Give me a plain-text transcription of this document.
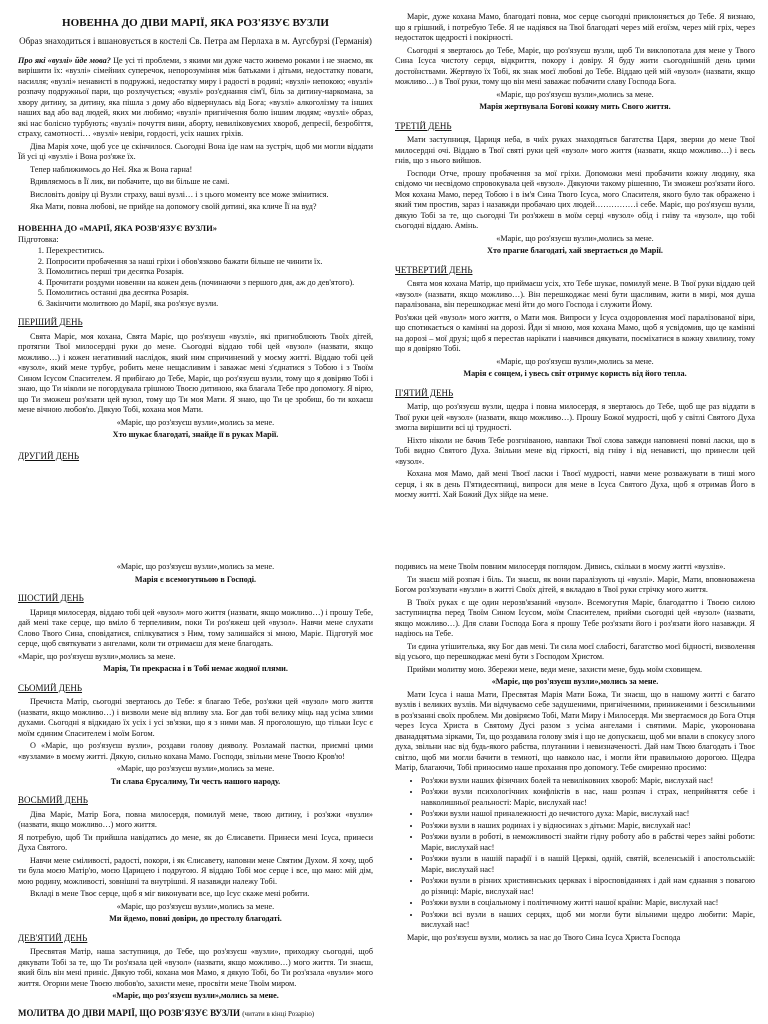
НОВЕННА ДО ДІВИ МАРІЇ, ЯКА РОЗ'ЯЗУЄ ВУЗЛИ
Образ знаходиться і вшановується в костелі Св. Петра ам Перлаха в м. Аугсбурзі (Германія)

Про які «вузлі» йде мова? Це усі ті проблеми, з якими ми дуже часто живемо роками і не знаємо, як вирішити їх: «вузлі» сімейних суперечок, непорозуміння між батьками і дітьми, недостатку поваги, насилля; «вузлі» ненависті в подружжі, недостатку миру і радості в родині; «вузлі» непокою; «вузлі» розпачу подружньої пари, що розлучується; «вузлі» роз'єднання сім'ї, біль за дитину-наркомана, за хвору дитину, за дитину, яка пішла з дому або відвернулась від Бога; «вузлі» алкоголізму та інших наших вад або вад людей, яких ми любимо; «вузлі» пригнічення болю іншим людям; «вузлі» образ, які нас болісно турбують; «вузлі» почуття вини, аборту, невиліковуємих хвороб, депресії, безробіття, страху, самотності… «вузлі» невіри, гордості, усіх наших гріхів.

Діва Марія хоче, щоб усе це скінчилося. Сьогодні Вона іде нам на зустріч, щоб ми могли віддати Їй усі ці «вузлі» і Вона роз'яже їх.

Тепер наближимось до Неї. Яка ж Вона гарна!

Вдивляємось в Її лик, ви побачите, що ви більше не самі.

Висловіть довіру ці Вузли страху, ваші вузлі… і з цього моменту все може змінитися.

Яка Мати, повна любові, не прийде на допомогу своїй дитині, яка кличе Її на вуд?

НОВЕННА ДО «МАРІЇ, ЯКА РОЗВ'ЯЗУЄ ВУЗЛИ»
Підготовка:
1. Перехреститись.
2. Попросити пробачення за наші гріхи і обов'язково бажати більше не чинити їх.
3. Помолитись перші три десятка Розарія.
4. Прочитати роздуми новенни на кожен день (починаючи з першого дня, аж до дев'ятого).
5. Помолитись останні два десятка Розарія.
6. Закінчити молитвою до Марії, яка роз'язує вузли.
ПЕРШИЙ ДЕНЬ

Свята Маріє, моя кохана, Свята Маріє, що роз'язуєш «вузлі», які пригноблюють Твоїх дітей, протягни Твої милосердні руки до мене. Сьогодні віддаю тобі цей «вузол» (назвати, якщо можливо…) і кожен негативний наслідок, який ним спричинений у моєму житті. Віддаю тобі цей «вузол», який мене турбує, робить мене нещасливим і заважає мені з'єднатися з Тобою і з Твоїм Сином Ісусом Спасителем. Я прибігаю до Тебе, Маріє, що роз'язуєш вузли, тому що я довіряю Тобі і знаю, що Ти ніколи не погордувала грішною Твоєю дитиною, яка благала Тебе про допомогу. Я вірю, що Ти зможеш роз'язати цей вузол, тому що Ти моя Мати. Я знаю, що Ти це зробиш, бо ти кохаєш мене вічною любов'ю. Дякую Тобі, кохана моя Мати.

«Маріє, що роз'язуєш вузли»,молись за мене.

Хто шукає благодаті, знайде її в руках Марії.

ДРУГИЙ ДЕНЬ

Маріє, дуже кохана Мамо, благодаті повна, моє серце сьогодні приклоняється до Тебе. Я визнаю, що я грішний, і потребую Тебе. Я не надіявся на Твої благодаті через мій егоїзм, через мій гріх, через недостаток щедрості і покірності.

Сьогодні я звертаюсь до Тебе, Маріє, що роз'язуєш вузли, щоб Ти виклопотала для мене у Твого Сина Ісуса чистоту серця, відкриття, покору і довіру. Я буду жити сьогоднішній день цими достоїнствами. Жертвую їх Тобі, як знак моєї любові до Тебе. Віддаю цей мій «вузол» (назвати, якщо можливо…) в Твої руки, тому що він мені заважає побачити славу Господа Бога.

«Маріє, що роз'язуєш вузли»,молись за мене.

Марія жертвувала Богові кожну мить Свого життя.

ТРЕТІЙ ДЕНЬ

Мати заступниця, Цариця неба, в чиїх руках знаходяться багатства Царя, зверни до мене Твої милосердні очі. Віддаю в Твої святі руки цей «вузол» мого життя (назвати, якщо можливо…) і весь гнів, що з нього вийшов.

Господи Отче, прошу пробачення за мої гріхи. Допоможи мені пробачити кожну людину, яка свідомо чи несвідомо спровокувала цей «вузол». Дякуючи такому рішенню, Ти зможеш роз'язати його. Моя кохана Мамо, перед Тобою і в ім'я Сина Твого Ісуса, мого Спасителя, якого було так ображено і який тим простив, зараз і назавжди пробачаю цих людей……………і себе. Маріє, що роз'язуєш вузли, дякую Тобі за те, що сьогодні Ти роз'яжеш в моїм серці «вузол» обід і гніву та «вузол», що тобі сьогодні віддаю. Амінь.

«Маріє, що роз'язуєш вузли»,молись за мене.

Хто прагне благодаті, хай звертається до Марії.

ЧЕТВЕРТИЙ ДЕНЬ

Свята моя кохана Матір, що приймаєш усіх, хто Тебе шукає, помилуй мене. В Твої руки віддаю цей «вузол» (назвати, якщо можливо…). Він перешкоджає мені бути щасливим, жити в мирі, моя душа паралізована, він перешкоджає мені йти до мого Господа і служити Йому.

Роз'яжи цей «вузол» мого життя, о Мати моя. Випроси у Ісуса оздоровлення моєї паралізованої віри, що спотикається о камінні на дорозі. Йди зі мною, моя кохана Мамо, щоб я усвідомив, що це камінні на дорозі – мої друзі; щоб я перестав нарікати і навчився дякувати, посміхатися в кожну хвилину, тому що я довіряю Тобі.

«Маріє, що роз'язуєш вузли»,молись за мене.

Марія є сонцем, і увесь світ отримує користь від його тепла.

П'ЯТИЙ ДЕНЬ

Матір, що роз'язуєш вузли, щедра і повна милосердя, я звертаюсь до Тебе, щоб ще раз віддати в Твої руки цей «вузол» (назвати, якщо можливо…). Прошу Божої мудрості, щоб у світлі Святого Духа змогла вирішити всі ці трудності.

Ніхто ніколи не бачив Тебе розгніваною, навпаки Твої слова завжди наповнені повні ласки, що в Тобі видно Святого Духа. Звільни мене від гіркості, від гніву і від ненависті, що принесли цей «вузол».

Кохана моя Мамо, дай мені Твоєї ласки і Твоєї мудрості, навчи мене розважувати в тиші мого серця, і як в день П'ятидесятниці, випроси для мене в Ісуса Святого Духа, щоб я отримав Його в моєму житті. Хай Божий Дух зійде на мене.

«Маріє, що роз'язуєш вузли»,молись за мене.

Марія є всемогутньою в Господі.

ШОСТИЙ ДЕНЬ

Цариця милосердя, віддаю тобі цей «вузол» мого життя (назвати, якщо можливо…) і прошу Тебе, дай мені таке серце, що вміло б терпеливим, поки Ти роз'яжеш цей «вузол». Навчи мене слухати Слово Твого Сина, сповідатися, спілкуватися з Ним, тому залишайся зі мною, Маріє. Підготуй моє серце, щоб святкувати з ангелами, коли ти отримаєш для мене благодать.

«Маріє, що роз'язуєш вузли»,молись за мене.

Марія, Ти прекрасна і в Тобі немає жодної плями.

СЬОМИЙ ДЕНЬ

Пречиста Матір, сьогодні звертаюсь до Тебе: я благаю Тебе, роз'яжи цей «вузол» мого життя (назвати, якщо можливо…) і визволи мене від впливу зла. Бог дав тобі велику міць над усіма злими духами. Сьогодні я відкидаю їх усіх і усі зв'язки, що я з ними мав. Я проголошую, що тільки Ісус є моїм єдиним Спасителем і моїм Богом.

О «Маріє, що роз'язуєш вузли», роздави голову дияволу. Розламай пастки, приємні цими «вузлами» в моєму житті. Дякую, сильно кохана Мамо. Господи, звільни мене Твоєю Кров'ю!

«Маріє, що роз'язуєш вузли»,молись за мене.

Ти слава Єрусалиму, Ти честь нашого народу.

ВОСЬМИЙ ДЕНЬ

Діва Маріє, Матір Бога, повна милосердя, помилуй мене, твою дитину, і роз'яжи «вузли» (назвати, якщо можливо…) мого життя.

Я потребую, щоб Ти прийшла навідатись до мене, як до Єлисавети. Принеси мені Ісуса, принеси Духа Святого.

Навчи мене сміливості, радості, покори, і як Єлисавету, наповни мене Святим Духом. Я хочу, щоб ти була моєю Матір'ю, моєю Царицею і подругою. Я віддаю Тобі моє серце і все, що маю: мій дім, мою родину, можливості, зовнішні та внутрішні. Я назавжди належу Тобі.

Вкладі в мене Твоє серце, щоб я міг виконувати все, що Ісус скаже мені робити.

«Маріє, що роз'язуєш вузли»,молись за мене.

Ми йдемо, повні довіри, до престолу благодаті.

ДЕВ'ЯТИЙ ДЕНЬ

Пресвятая Матір, наша заступниця, до Тебе, що роз'язуєш «вузли», приходжу сьогодні, щоб дякувати Тобі за те, що Ти роз'язала цей «вузол» (назвати, якщо можливо…) мого життя. Ти знаєш, який біль він мені приніс. Дякую тобі, кохана моя Мамо, я дякую Тобі, бо Ти роз'язала «вузли» мого життя. Огорни мене Твоєю любов'ю, захисти мене, просвіти мене Твоїм миром.

«Маріє, що роз'язуєш вузли»,молись за мене.

МОЛИТВА ДО ДІВИ МАРІЇ, ЩО РОЗВ'ЯЗУЄ ВУЗЛИ (читати в кінці Розарію)

подивись на мене Твоїм повним милосердя поглядом. Дивись, скільки в моєму житті «вузлів».

Ти знаєш мій розпач і біль. Ти знаєш, як вони паралізують ці «вузлі». Маріє, Мати, вповноважена Богом роз'язувати «вузли» в житті Своїх дітей, я вкладаю в Твої руки стрічку мого життя.

В Твоїх руках є ще один нерозв'язаний «вузол». Всемогутня Маріє, благодаттю і Твоєю силою заступництва перед Твоїм Сином Ісусом, моїм Спасителем, прийми сьогодні цей «вузол» (назвати, якщо можливо…). Для слави Господа Бога я прошу Тебе роз'язати його і роз'язати його назавжди. Я надіюсь на Тебе.

Ти єдина утішителька, яку Бог дав мені. Ти сила моєї слабості, багатство моєї бідності, визволення від усього, що перешкоджає мені бути з Господом Христом.

Прийми молитву мою. Збережи мене, веди мене, захисти мене, будь моїм сховищем.

«Маріє, що роз'язуєш вузли»,молись за мене.

Мати Ісуса і наша Мати, Пресвятая Марія Мати Божа, Ти знаєш, що в нашому житті є багато вузлів і великих вузлів. Ми відчуваємо себе задушеними, пригніченими, приниженими і безсильними в роз'язанні своїх проблем. Ми довіряємо Тобі, Мати Миру і Милосердя. Ми звертаємося до Бога Отця через Ісуса Христа в Святому Дусі разом з усіма ангелами і святими. Маріє, укоронована дванадцятьма зірками, Ти, що роздавила голову змія і що не допускаєш, щоб ми впали в спокусу злого духа, звільни нас від будь-якого рабства, плутанини і невизначеності. Дай нам Твою благодать і Твоє світло, щоб ми могли бачити в темноті, що навколо нас, і могли йти правильною дорогою. Щедра Матір, благаючи, Тобі приносимо наше прохання про допомогу. Тебе смиренно просимо:

• Роз'яжи вузли наших фізичних болей та невиліковних хвороб: Маріє, вислухай нас!
• Роз'яжи вузли психологічних конфліктів в нас, наш розпач і страх, неприйняття себе і навколишньої реальності: Маріє, вислухай нас!
• Роз'яжи вузли нашої приналежності до нечистого духа: Маріє, вислухай нас!
• Роз'яжи вузли в наших родинах і у відносинах з дітьми: Маріє, вислухай нас!
• Роз'яжи вузли в роботі, в неможливості знайти гідну роботу або в рабстві через зайві роботи: Маріє, вислухай нас!
• Роз'яжи вузли в нашій парафії і в нашій Церкві, одній, святій, вселенській і апостольській: Маріє, вислухай нас!
• Роз'яжи вузли в різних християнських церквах і віросповіданнях і дай нам єднання з повагою до різниці: Маріє, вислухай нас!
• Роз'яжи вузли в соціальному і політичному житті нашої країни: Маріє, вислухай нас!
• Роз'яжи всі вузли в наших серцях, щоб ми могли бути вільними щедро любити: Маріє, вислухай нас!

Маріє, що роз'язуєш вузли, молись за нас до Твого Сина Ісуса Христа Господа
